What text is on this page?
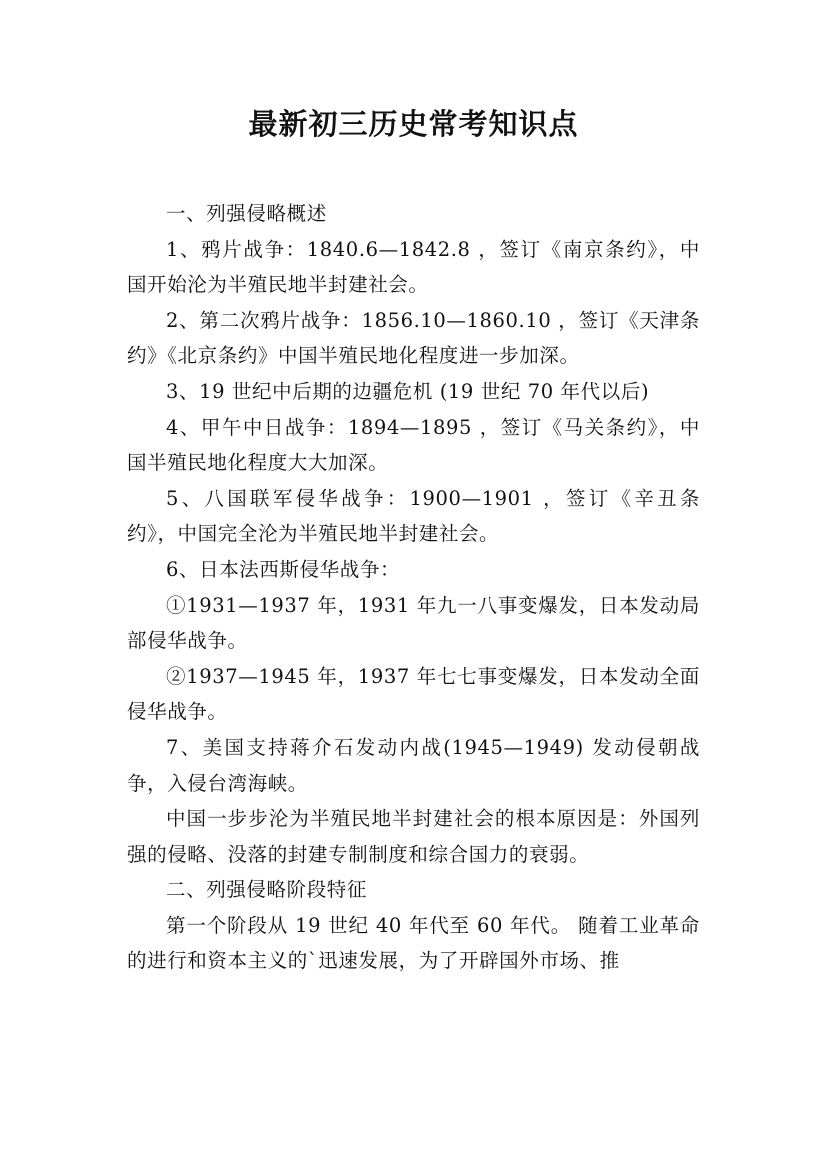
最新初三历史常考知识点

一、列强侵略概述

1、鸦片战争：1840.6—1842.8 ，签订《南京条约》，中国开始沦为半殖民地半封建社会。

2、第二次鸦片战争：1856.10—1860.10 ，签订《天津条约》《北京条约》中国半殖民地化程度进一步加深。

3、19 世纪中后期的边疆危机 (19 世纪 70 年代以后)

4、甲午中日战争：1894—1895 ，签订《马关条约》，中国半殖民地化程度大大加深。

5、八国联军侵华战争：1900—1901 ，签订《辛丑条约》，中国完全沦为半殖民地半封建社会。

6、日本法西斯侵华战争：

①1931—1937 年，1931 年九一八事变爆发，日本发动局部侵华战争。

②1937—1945 年，1937 年七七事变爆发，日本发动全面侵华战争。

7、美国支持蒋介石发动内战(1945—1949) 发动侵朝战争，入侵台湾海峡。

中国一步步沦为半殖民地半封建社会的根本原因是：外国列强的侵略、没落的封建专制制度和综合国力的衰弱。

二、列强侵略阶段特征

第一个阶段从 19 世纪 40 年代至 60 年代。 随着工业革命的进行和资本主义的`迅速发展，为了开辟国外市场、推
